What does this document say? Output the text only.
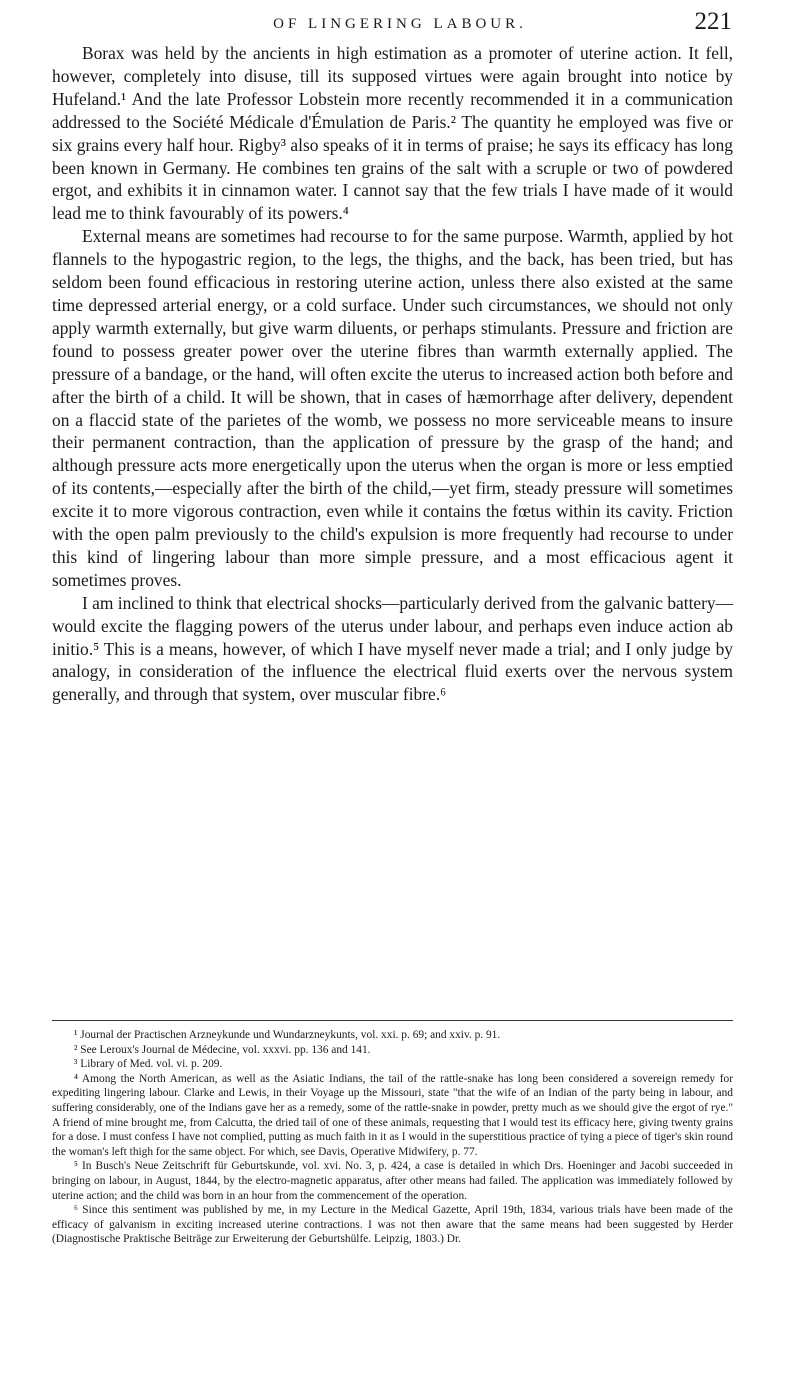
OF LINGERING LABOUR.	221

Borax was held by the ancients in high estimation as a promoter of uterine action. It fell, however, completely into disuse, till its supposed virtues were again brought into notice by Hufeland.¹ And the late Professor Lobstein more recently recommended it in a communication addressed to the Société Médicale d'Émulation de Paris.² The quantity he employed was five or six grains every half hour. Rigby³ also speaks of it in terms of praise; he says its efficacy has long been known in Germany. He combines ten grains of the salt with a scruple or two of powdered ergot, and exhibits it in cinnamon water. I cannot say that the few trials I have made of it would lead me to think favourably of its powers.⁴

External means are sometimes had recourse to for the same purpose. Warmth, applied by hot flannels to the hypogastric region, to the legs, the thighs, and the back, has been tried, but has seldom been found efficacious in restoring uterine action, unless there also existed at the same time depressed arterial energy, or a cold surface. Under such circumstances, we should not only apply warmth externally, but give warm diluents, or perhaps stimulants. Pressure and friction are found to possess greater power over the uterine fibres than warmth externally applied. The pressure of a bandage, or the hand, will often excite the uterus to increased action both before and after the birth of a child. It will be shown, that in cases of hæmorrhage after delivery, dependent on a flaccid state of the parietes of the womb, we possess no more serviceable means to insure their permanent contraction, than the application of pressure by the grasp of the hand; and although pressure acts more energetically upon the uterus when the organ is more or less emptied of its contents,—especially after the birth of the child,—yet firm, steady pressure will sometimes excite it to more vigorous contraction, even while it contains the fœtus within its cavity. Friction with the open palm previously to the child's expulsion is more frequently had recourse to under this kind of lingering labour than more simple pressure, and a most efficacious agent it sometimes proves.

I am inclined to think that electrical shocks—particularly derived from the galvanic battery—would excite the flagging powers of the uterus under labour, and perhaps even induce action ab initio.⁵ This is a means, however, of which I have myself never made a trial; and I only judge by analogy, in consideration of the influence the electrical fluid exerts over the nervous system generally, and through that system, over muscular fibre.⁶

¹ Journal der Practischen Arzneykunde und Wundarzneykunts, vol. xxi. p. 69; and xxiv. p. 91.

² See Leroux's Journal de Médecine, vol. xxxvi. pp. 136 and 141.

³ Library of Med. vol. vi. p. 209.

⁴ Among the North American, as well as the Asiatic Indians, the tail of the rattle-snake has long been considered a sovereign remedy for expediting lingering labour. Clarke and Lewis, in their Voyage up the Missouri, state "that the wife of an Indian of the party being in labour, and suffering considerably, one of the Indians gave her as a remedy, some of the rattle-snake in powder, pretty much as we should give the ergot of rye." A friend of mine brought me, from Calcutta, the dried tail of one of these animals, requesting that I would test its efficacy here, giving twenty grains for a dose. I must confess I have not complied, putting as much faith in it as I would in the superstitious practice of tying a piece of tiger's skin round the woman's left thigh for the same object. For which, see Davis, Operative Midwifery, p. 77.

⁵ In Busch's Neue Zeitschrift für Geburtskunde, vol. xvi. No. 3, p. 424, a case is detailed in which Drs. Hoeninger and Jacobi succeeded in bringing on labour, in August, 1844, by the electro-magnetic apparatus, after other means had failed. The application was immediately followed by uterine action; and the child was born in an hour from the commencement of the operation.

⁶ Since this sentiment was published by me, in my Lecture in the Medical Gazette, April 19th, 1834, various trials have been made of the efficacy of galvanism in exciting increased uterine contractions. I was not then aware that the same means had been suggested by Herder (Diagnostische Praktische Beiträge zur Erweiterung der Geburtshülfe. Leipzig, 1803.) Dr.
